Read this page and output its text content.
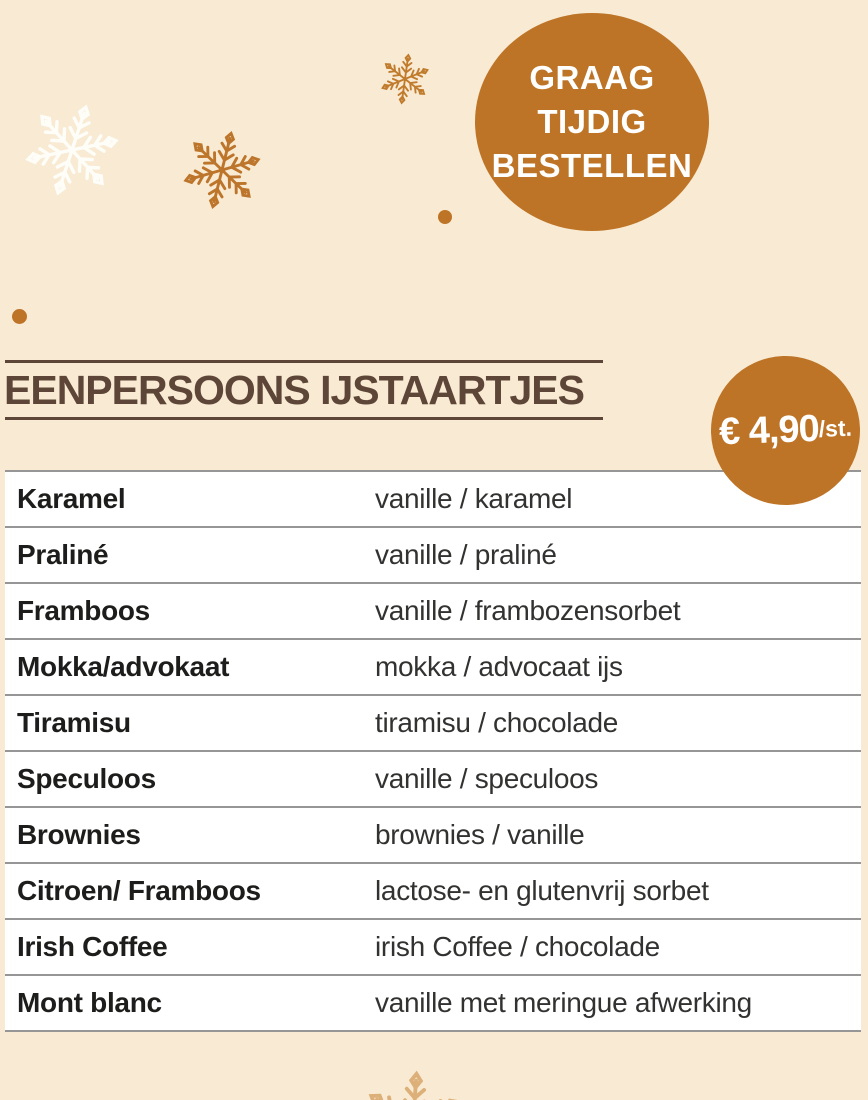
GRAAG
TIJDIG
BESTELLEN
EENPERSOONS IJSTAARTJES
€ 4,90
/st.
Karamel	vanille / karamel
Praliné	vanille / praliné
Framboos	vanille / frambozensorbet
Mokka/advokaat	mokka / advocaat ijs
Tiramisu	tiramisu / chocolade
Speculoos	vanille / speculoos
Brownies	brownies / vanille
Citroen/ Framboos	lactose- en glutenvrij sorbet
Irish Coffee	irish Coffee / chocolade
Mont blanc	vanille met meringue afwerking
